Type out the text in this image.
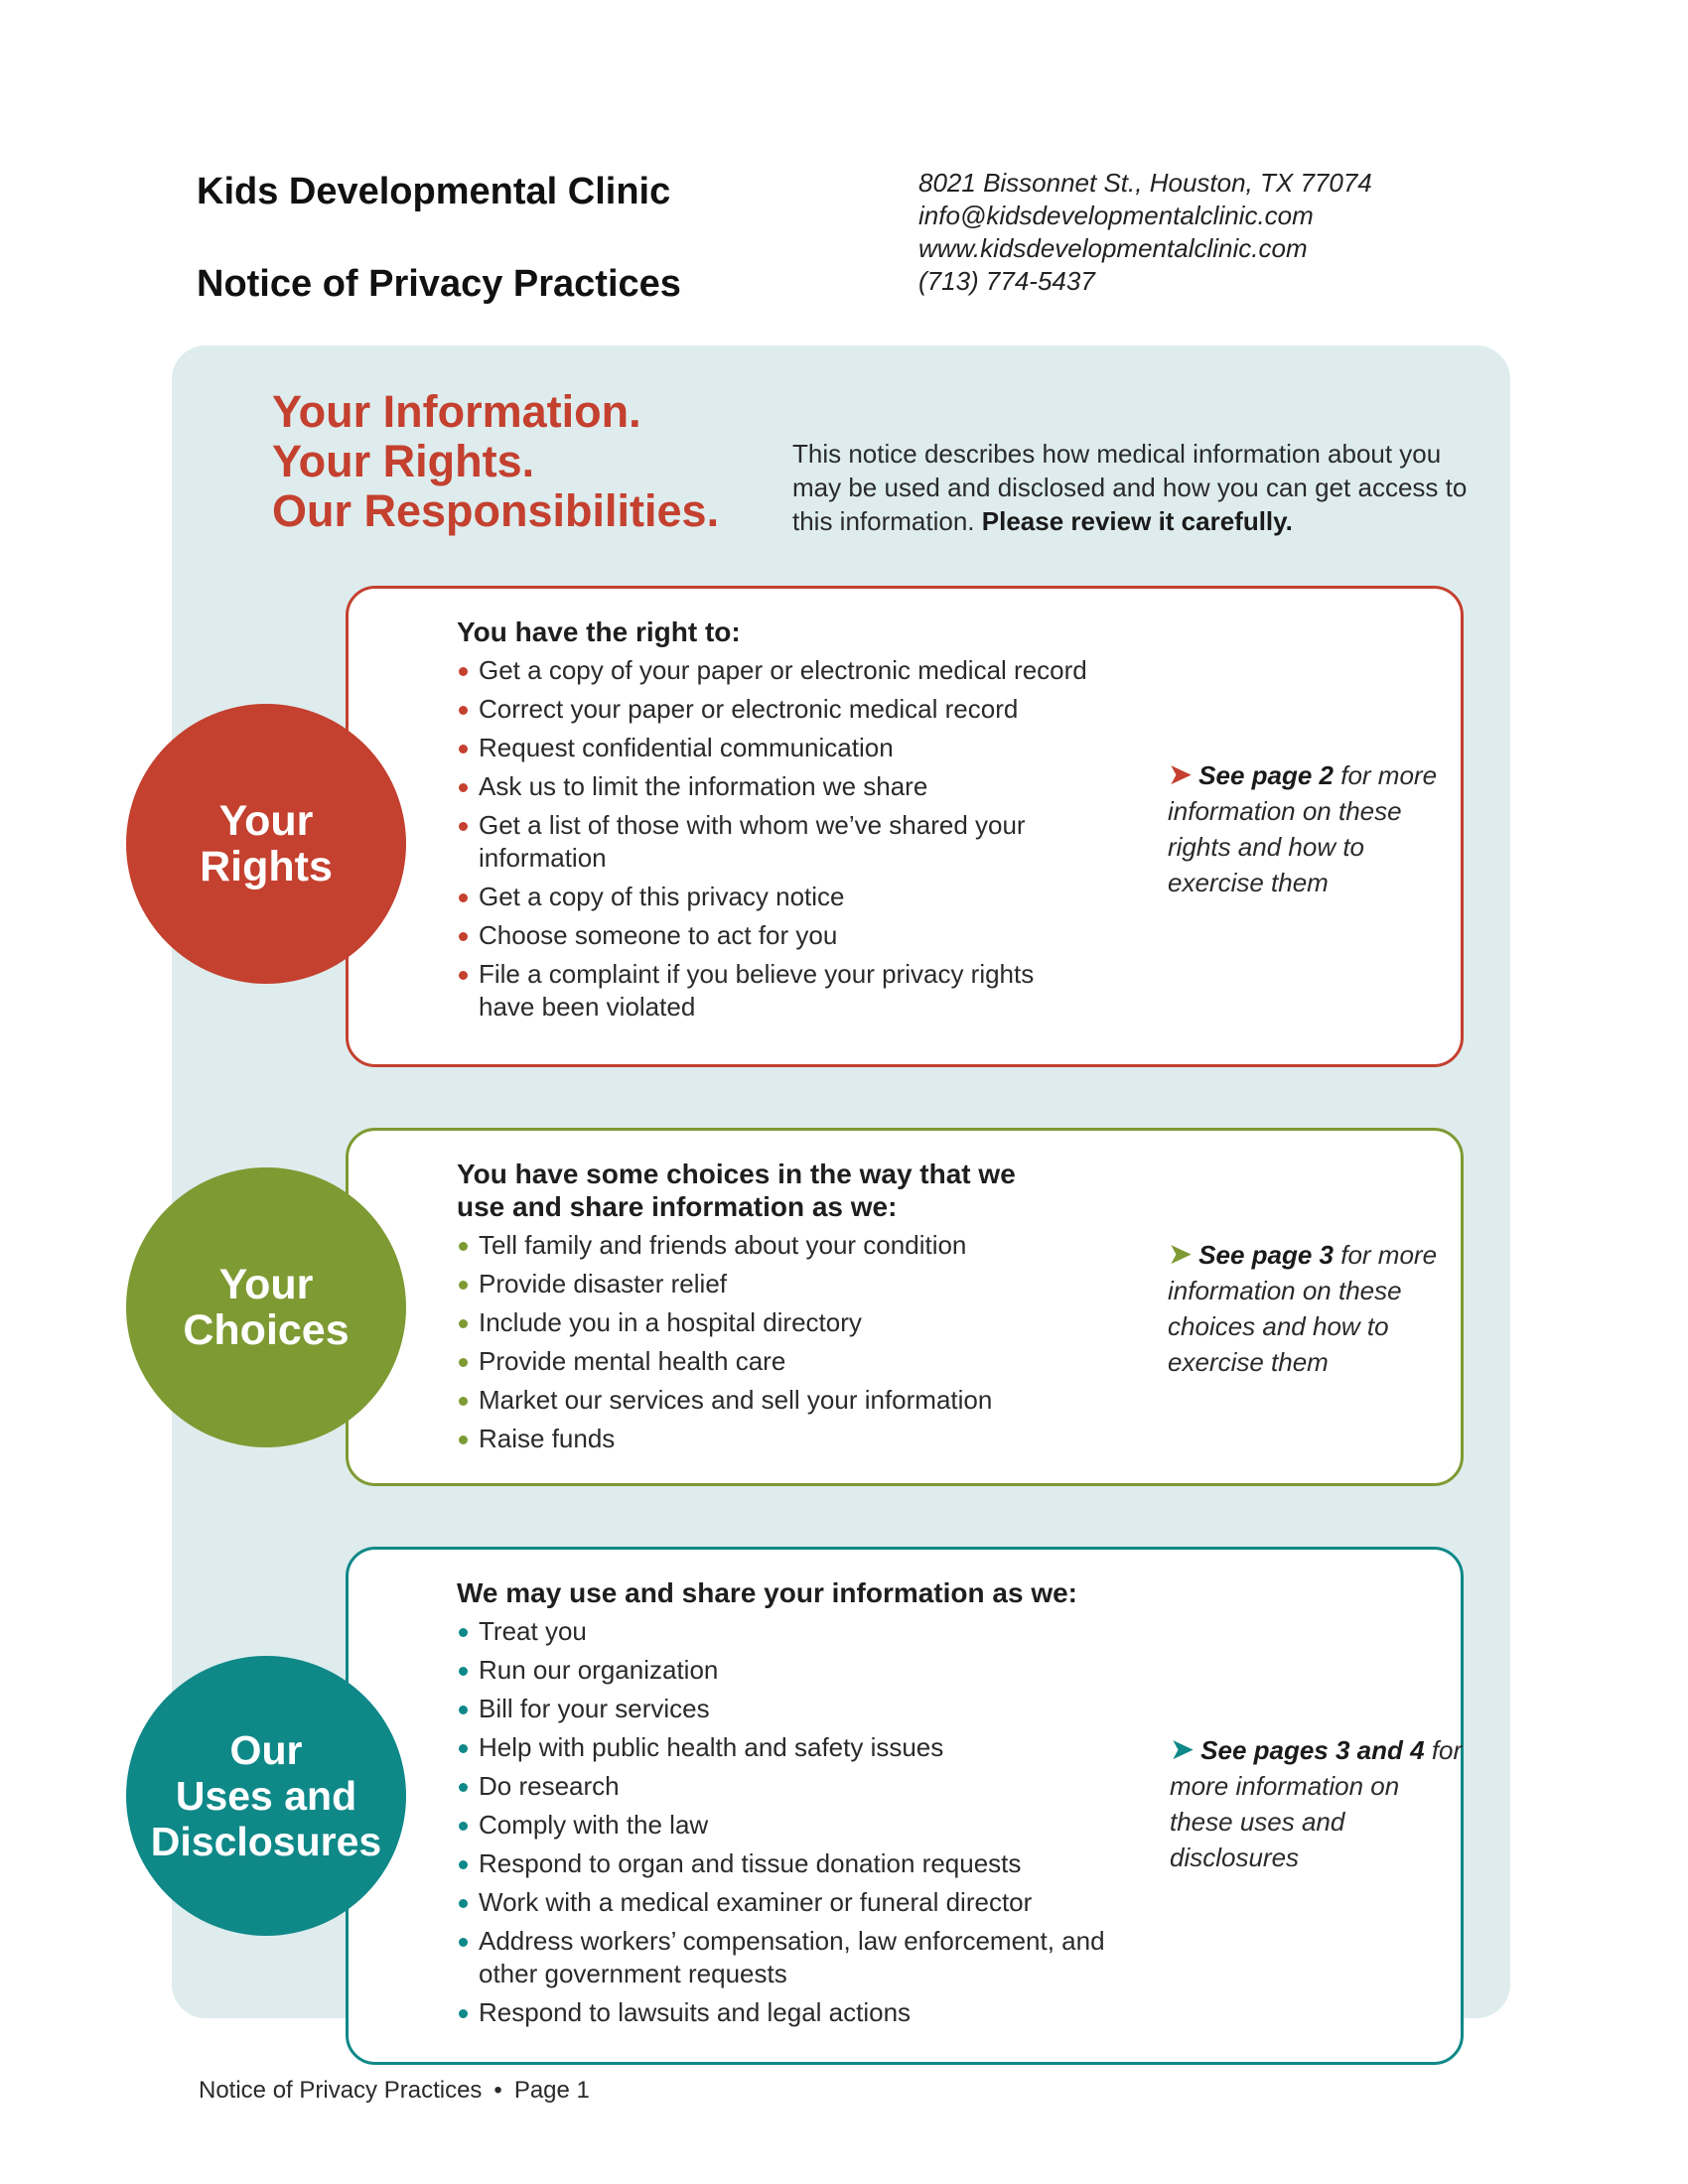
Kids Developmental Clinic
Notice of Privacy Practices
8021 Bissonnet St., Houston, TX 77074
info@kidsdevelopmentalclinic.com
www.kidsdevelopmentalclinic.com
(713) 774-5437
Your Information.
Your Rights.
Our Responsibilities.
This notice describes how medical information about you may be used and disclosed and how you can get access to this information. Please review it carefully.
Your
Rights
Your
Choices
Our
Uses and
Disclosures
You have the right to:
Get a copy of your paper or electronic medical record
Correct your paper or electronic medical record
Request confidential communication
Ask us to limit the information we share
Get a list of those with whom we’ve shared your information
Get a copy of this privacy notice
Choose someone to act for you
File a complaint if you believe your privacy rights have been violated
➤ See page 2 for more information on these rights and how to exercise them
You have some choices in the way that we use and share information as we:
Tell family and friends about your condition
Provide disaster relief
Include you in a hospital directory
Provide mental health care
Market our services and sell your information
Raise funds
➤ See page 3 for more information on these choices and how to exercise them
We may use and share your information as we:
Treat you
Run our organization
Bill for your services
Help with public health and safety issues
Do research
Comply with the law
Respond to organ and tissue donation requests
Work with a medical examiner or funeral director
Address workers’ compensation, law enforcement, and other government requests
Respond to lawsuits and legal actions
➤ See pages 3 and 4 for more information on these uses and disclosures
Notice of Privacy Practices • Page 1
